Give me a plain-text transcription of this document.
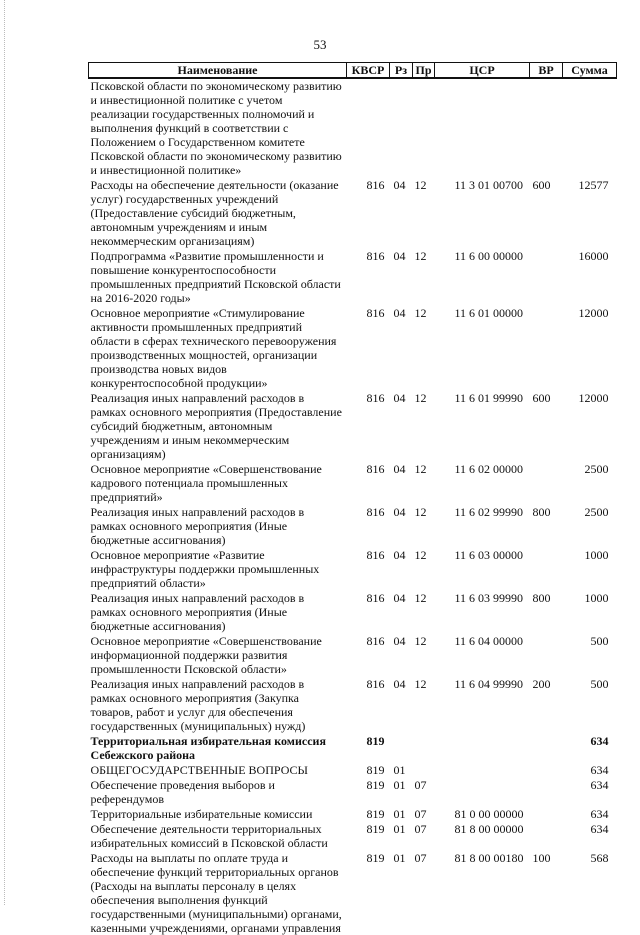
53
Наименование	КВСР	Рз	Пр	ЦСР	ВР	Сумма
Псковской области по экономическому развитию и инвестиционной политике с учетом реализации государственных полномочий и выполнения функций в соответствии с Положением о Государственном комитете Псковской области по экономическому развитию и инвестиционной политике»						
Расходы на обеспечение деятельности (оказание услуг) государственных учреждений (Предоставление субсидий бюджетным, автономным учреждениям и иным некоммерческим организациям)	816	04	12	11 3 01 00700	600	12577
Подпрограмма «Развитие промышленности и повышение конкурентоспособности промышленных предприятий Псковской области на 2016-2020 годы»	816	04	12	11 6 00 00000		16000
Основное мероприятие «Стимулирование активности промышленных предприятий области в сферах технического перевооружения производственных мощностей, организации производства новых видов конкурентоспособной продукции»	816	04	12	11 6 01 00000		12000
Реализация иных направлений расходов в рамках основного мероприятия (Предоставление субсидий бюджетным, автономным учреждениям и иным некоммерческим организациям)	816	04	12	11 6 01 99990	600	12000
Основное мероприятие «Совершенствование кадрового потенциала промышленных предприятий»	816	04	12	11 6 02 00000		2500
Реализация иных направлений расходов в рамках основного мероприятия (Иные бюджетные ассигнования)	816	04	12	11 6 02 99990	800	2500
Основное мероприятие «Развитие инфраструктуры поддержки промышленных предприятий области»	816	04	12	11 6 03 00000		1000
Реализация иных направлений расходов в рамках основного мероприятия (Иные бюджетные ассигнования)	816	04	12	11 6 03 99990	800	1000
Основное мероприятие «Совершенствование информационной поддержки развития промышленности Псковской области»	816	04	12	11 6 04 00000		500
Реализация иных направлений расходов в рамках основного мероприятия (Закупка товаров, работ и услуг для обеспечения государственных (муниципальных) нужд)	816	04	12	11 6 04 99990	200	500
Территориальная избирательная комиссия Себежского района	819					634
ОБЩЕГОСУДАРСТВЕННЫЕ ВОПРОСЫ	819	01				634
Обеспечение проведения выборов и референдумов	819	01	07			634
Территориальные избирательные комиссии	819	01	07	81 0 00 00000		634
Обеспечение деятельности территориальных избирательных комиссий в Псковской области	819	01	07	81 8 00 00000		634
Расходы на выплаты по оплате труда и обеспечение функций территориальных органов (Расходы на выплаты персоналу в целях обеспечения выполнения функций государственными (муниципальными) органами, казенными учреждениями, органами управления	819	01	07	81 8 00 00180	100	568
